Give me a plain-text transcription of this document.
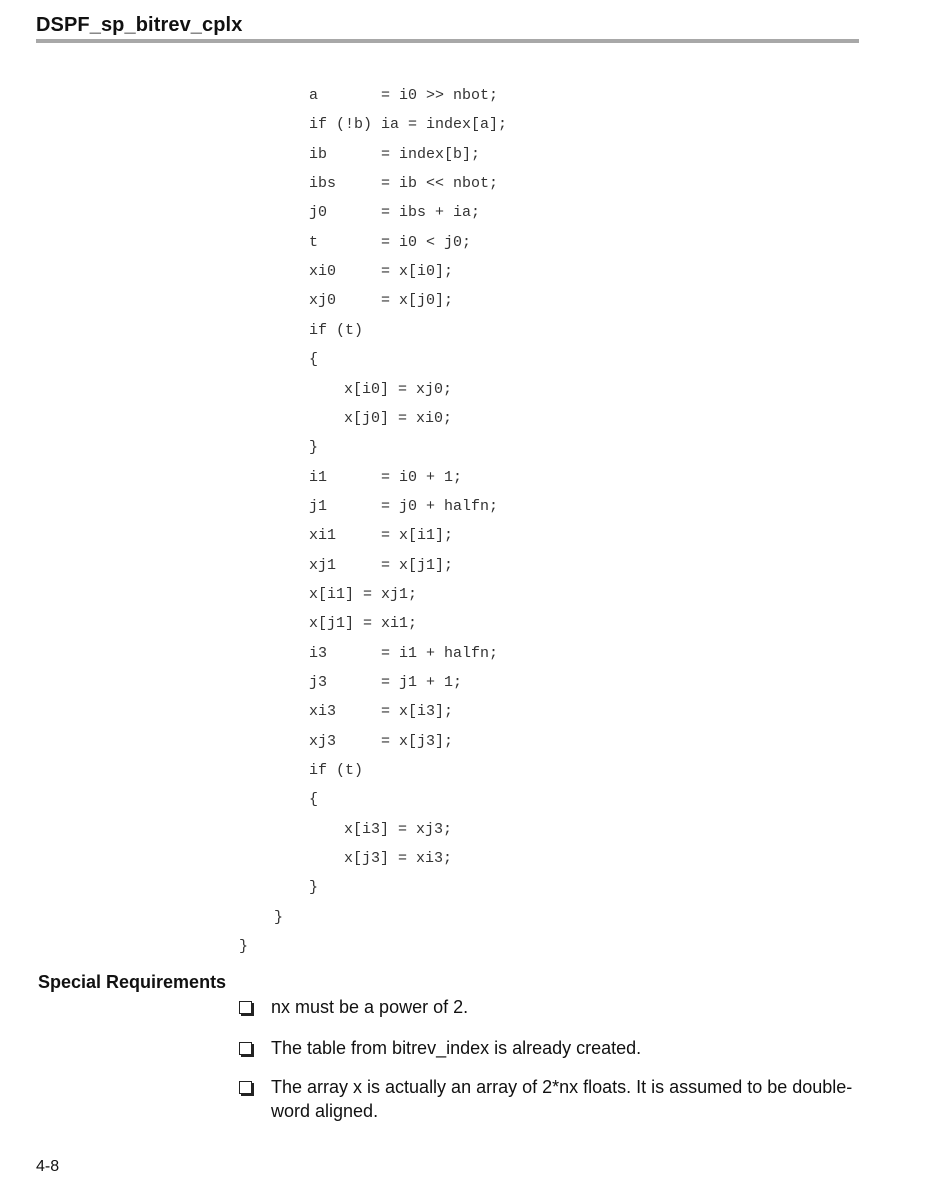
DSPF_sp_bitrev_cplx
a       = i0 >> nbot;
if (!b) ia = index[a];
ib      = index[b];
ibs     = ib << nbot;
j0      = ibs + ia;
t       = i0 < j0;
xi0     = x[i0];
xj0     = x[j0];
if (t)
{
x[i0] = xj0;
x[j0] = xi0;
}
i1      = i0 + 1;
j1      = j0 + halfn;
xi1     = x[i1];
xj1     = x[j1];
x[i1] = xj1;
x[j1] = xi1;
i3      = i1 + halfn;
j3      = j1 + 1;
xi3     = x[i3];
xj3     = x[j3];
if (t)
{
x[i3] = xj3;
x[j3] = xi3;
}
}
}
Special Requirements
nx must be a power of 2.
The table from bitrev_index is already created.
The array x is actually an array of 2*nx floats. It is assumed to be double-word aligned.
4-8
